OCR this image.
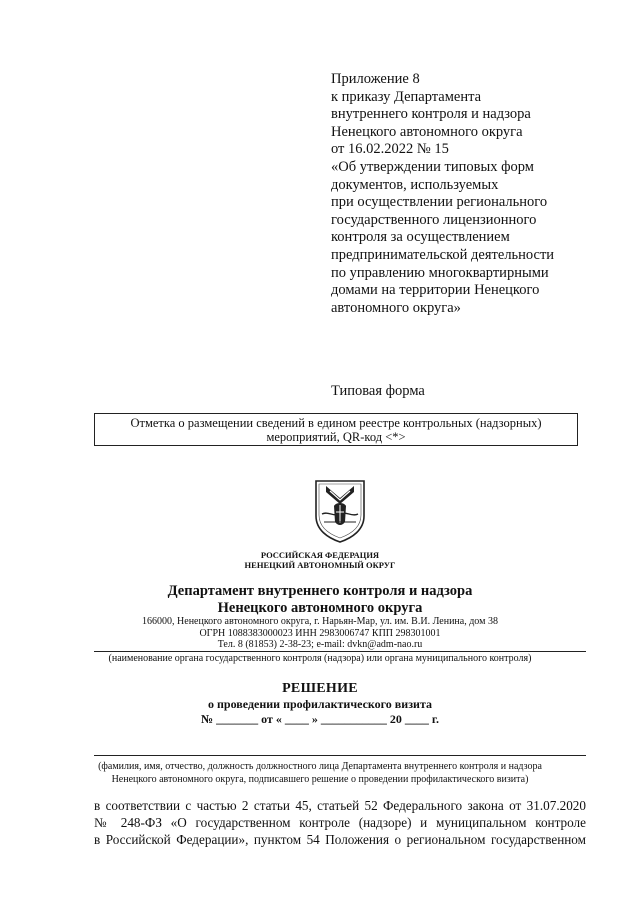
Приложение 8
к приказу Департамента
внутреннего контроля и надзора
Ненецкого автономного округа
от 16.02.2022 № 15
«Об утверждении типовых форм
документов, используемых
при осуществлении регионального
государственного лицензионного
контроля за осуществлением
предпринимательской деятельности
по управлению многоквартирными
домами на территории Ненецкого
автономного округа»
Типовая форма
Отметка о размещении сведений в едином реестре контрольных (надзорных)
мероприятий, QR-код <*>
РОССИЙСКАЯ ФЕДЕРАЦИЯ
НЕНЕЦКИЙ АВТОНОМНЫЙ ОКРУГ
Департамент внутреннего контроля и надзора
Ненецкого автономного округа
166000, Ненецкого автономного округа, г. Нарьян-Мар, ул. им. В.И. Ленина, дом 38
ОГРН 1088383000023 ИНН 2983006747 КПП 298301001
Тел. 8 (81853) 2-38-23; e-mail: dvkn@adm-nao.ru
(наименование органа государственного контроля (надзора) или органа муниципального контроля)
РЕШЕНИЕ
о проведении профилактического визита
№ _______ от « ____ » ___________ 20 ____ г.
(фамилия, имя, отчество, должность должностного лица Департамента внутреннего контроля и надзора
Ненецкого автономного округа, подписавшего решение о проведении профилактического визита)
в соответствии с частью 2 статьи 45, статьей 52 Федерального закона от 31.07.2020
№ 248-ФЗ «О государственном контроле (надзоре) и муниципальном контроле
в Российской Федерации», пунктом 54 Положения о региональном государственном
